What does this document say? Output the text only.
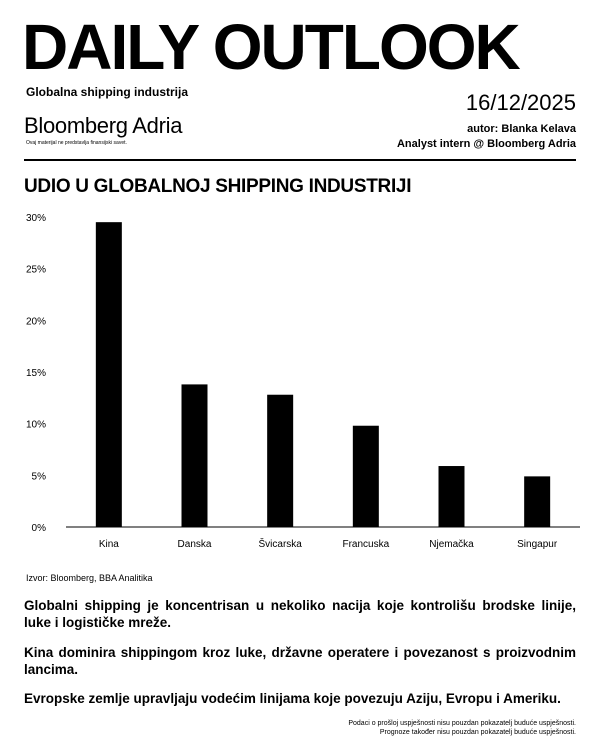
DAILY OUTLOOK
Globalna shipping industrija
Bloomberg Adria
Ovaj materijal ne predstavlja finansijski savet.
16/12/2025
autor: Blanka Kelava
Analyst intern @ Bloomberg Adria
UDIO U GLOBALNOJ SHIPPING INDUSTRIJI
0%
5%
10%
15%
20%
25%
30%
Kina	Danska	Švicarska	Francuska	Njemačka	Singapur
Izvor: Bloomberg, BBA Analitika
Globalni shipping je koncentrisan u nekoliko nacija koje kontrolišu brodske linije, luke i logističke mreže.
Kina dominira shippingom kroz luke, državne operatere i povezanost s proizvodnim lancima.
Evropske zemlje upravljaju vodećim linijama koje povezuju Aziju, Evropu i Ameriku.
Podaci o prošloj uspješnosti nisu pouzdan pokazatelj buduće uspješnosti.
Prognoze također nisu pouzdan pokazatelj buduće uspješnosti.
